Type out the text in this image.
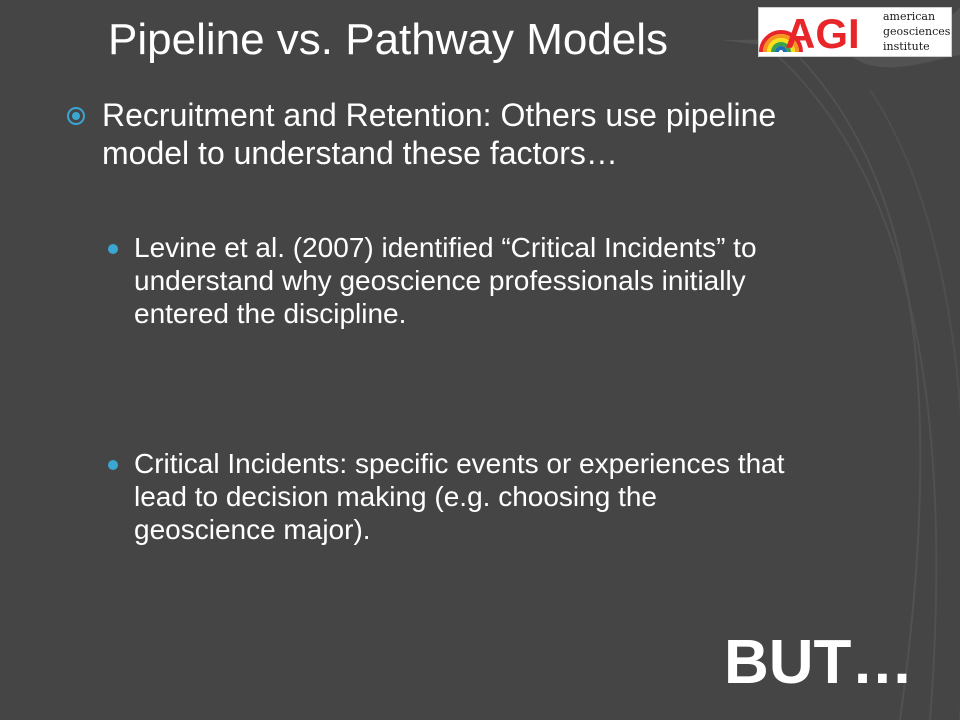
Pipeline vs. Pathway Models	AGI american
geosciences
institute
Recruitment and Retention: Others use pipeline model to understand these factors…
Levine et al. (2007) identified “Critical Incidents” to understand why geoscience professionals initially entered the discipline.
Critical Incidents: specific events or experiences that lead to decision making (e.g. choosing the geoscience major).
BUT…
